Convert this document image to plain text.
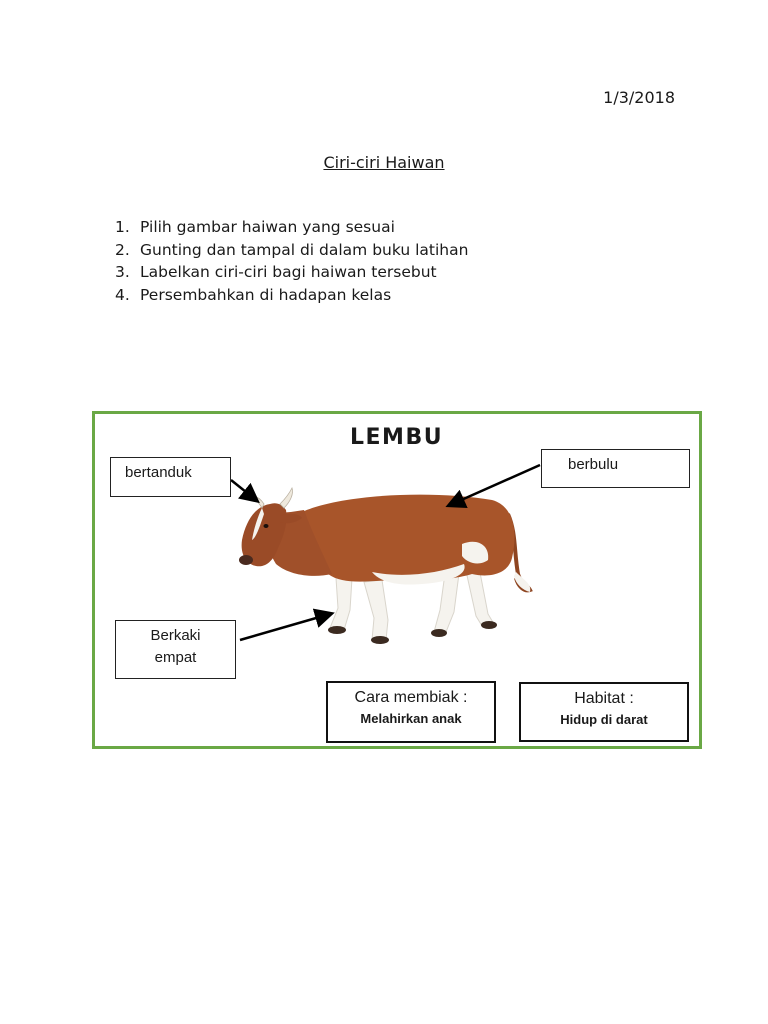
1/3/2018
Ciri-ciri Haiwan
1. Pilih gambar haiwan yang sesuai
2. Gunting dan tampal di dalam buku latihan
3. Labelkan ciri-ciri bagi haiwan tersebut
4. Persembahkan di hadapan kelas
LEMBU
bertanduk	berbulu
Berkaki
empat
Cara membiak :
Melahirkan anak
Habitat :
Hidup di darat
